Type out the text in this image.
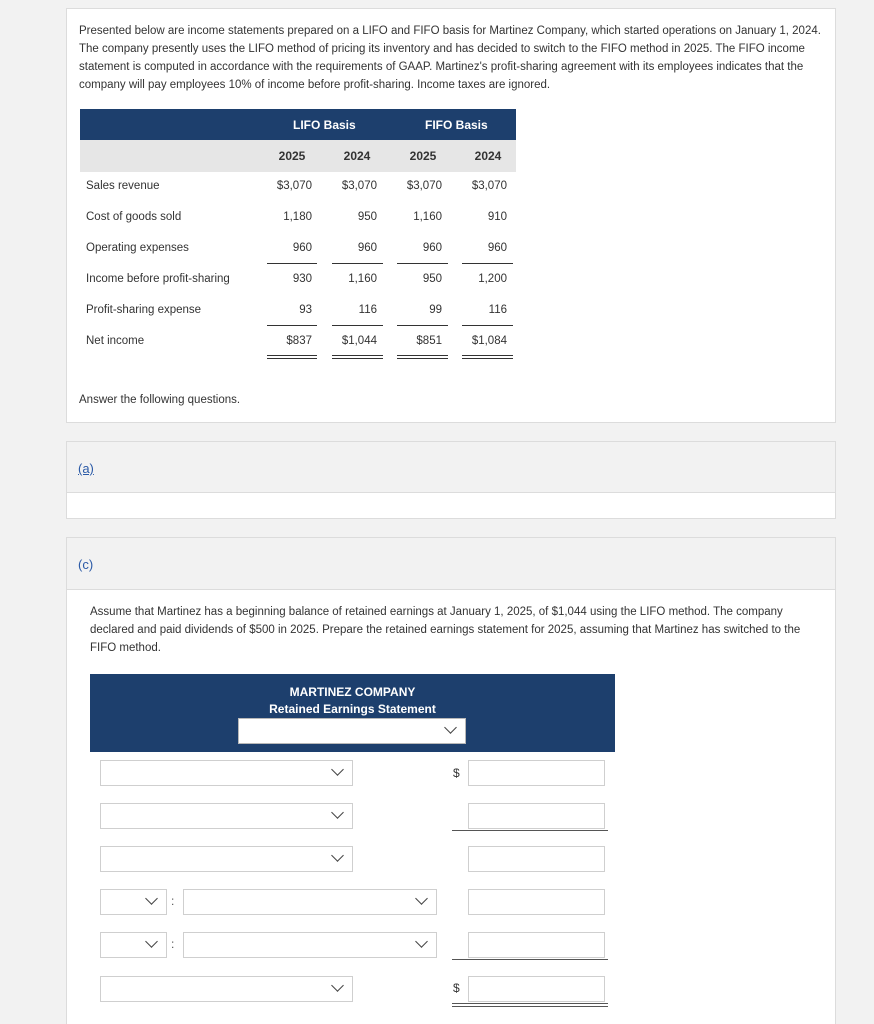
Presented below are income statements prepared on a LIFO and FIFO basis for Martinez Company, which started operations on January 1, 2024. The company presently uses the LIFO method of pricing its inventory and has decided to switch to the FIFO method in 2025. The FIFO income statement is computed in accordance with the requirements of GAAP. Martinez's profit-sharing agreement with its employees indicates that the company will pay employees 10% of income before profit-sharing. Income taxes are ignored.
LIFO Basis	FIFO Basis
2025	2024	2025	2024
Sales revenue	$3,070	$3,070	$3,070	$3,070
Cost of goods sold	1,180	950	1,160	910
Operating expenses	960	960	960	960
Income before profit-sharing	930	1,160	950	1,200
Profit-sharing expense	93	116	99	116
Net income	$837	$1,044	$851	$1,084
Answer the following questions.
(a)
(c)
Assume that Martinez has a beginning balance of retained earnings at January 1, 2025, of $1,044 using the LIFO method. The company declared and paid dividends of $500 in 2025. Prepare the retained earnings statement for 2025, assuming that Martinez has switched to the FIFO method.
MARTINEZ COMPANY
Retained Earnings Statement
$
:
:
$
